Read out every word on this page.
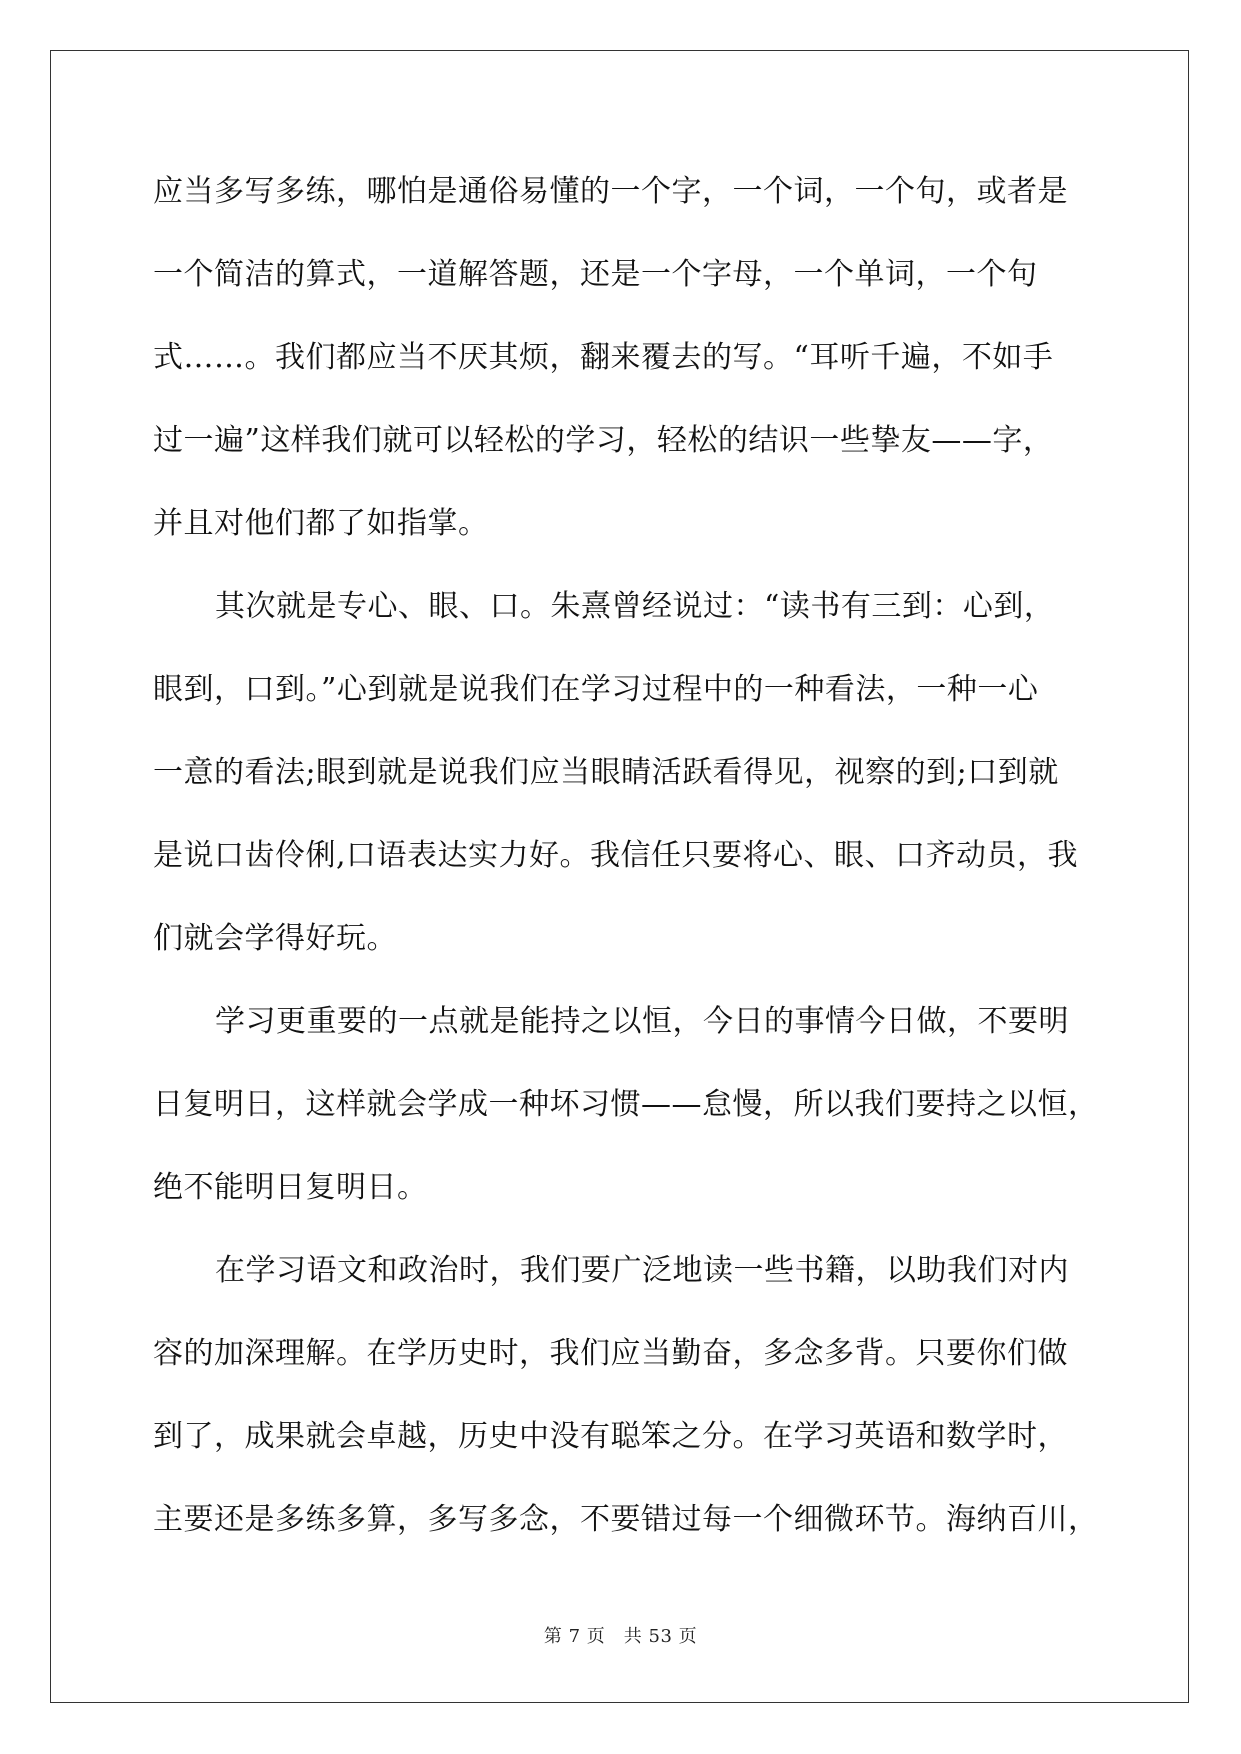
应当多写多练，哪怕是通俗易懂的一个字，一个词，一个句，或者是
一个简洁的算式，一道解答题，还是一个字母，一个单词，一个句
式……。我们都应当不厌其烦，翻来覆去的写。“耳听千遍，不如手
过一遍”这样我们就可以轻松的学习，轻松的结识一些挚友——字，
并且对他们都了如指掌。
其次就是专心、眼、口。朱熹曾经说过：“读书有三到：心到，
眼到，口到。”心到就是说我们在学习过程中的一种看法，一种一心
一意的看法;眼到就是说我们应当眼睛活跃看得见，视察的到;口到就
是说口齿伶俐,口语表达实力好。我信任只要将心、眼、口齐动员，我
们就会学得好玩。
学习更重要的一点就是能持之以恒，今日的事情今日做，不要明
日复明日，这样就会学成一种坏习惯——怠慢，所以我们要持之以恒，
绝不能明日复明日。
在学习语文和政治时，我们要广泛地读一些书籍，以助我们对内
容的加深理解。在学历史时，我们应当勤奋，多念多背。只要你们做
到了，成果就会卓越，历史中没有聪笨之分。在学习英语和数学时，
主要还是多练多算，多写多念，不要错过每一个细微环节。海纳百川，
第 7 页　共 53 页
